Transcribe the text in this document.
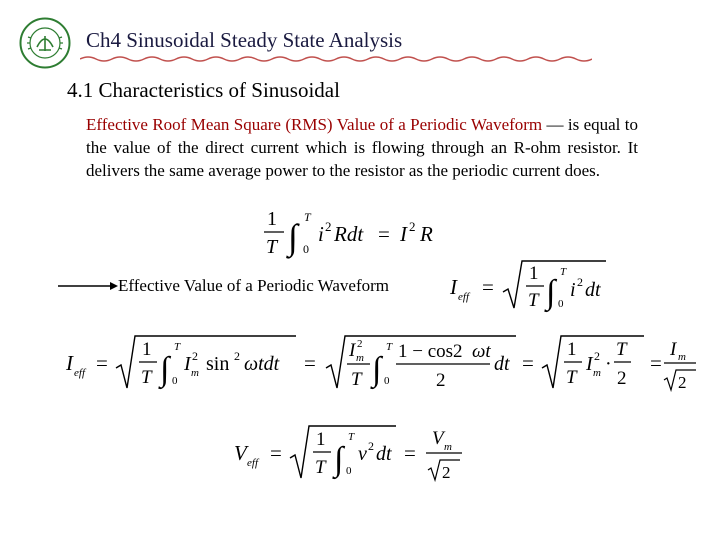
Ch4 Sinusoidal Steady State Analysis
4.1 Characteristics of Sinusoidal
Effective Roof Mean Square (RMS) Value of a Periodic Waveform — is equal to the value of the direct current which is flowing through an R-ohm resistor. It delivers the same average power to the resistor as the periodic current does.
1
T ∫ T
0
i 2 Rdt = I 2 R
Effective Value of a Periodic Waveform	I eff =
1
T ∫
T
0
i 2 dt
I eff =
1
T ∫
T
0
I 2
m sin 2 ωtdt =
I 2
m
T ∫
T
0
1 − cos2 ωt
2
dt =
1
T
I 2
m ·
T
2
=
I m
2
V eff =
1
T ∫
T
0
v 2 dt =
V m
2
